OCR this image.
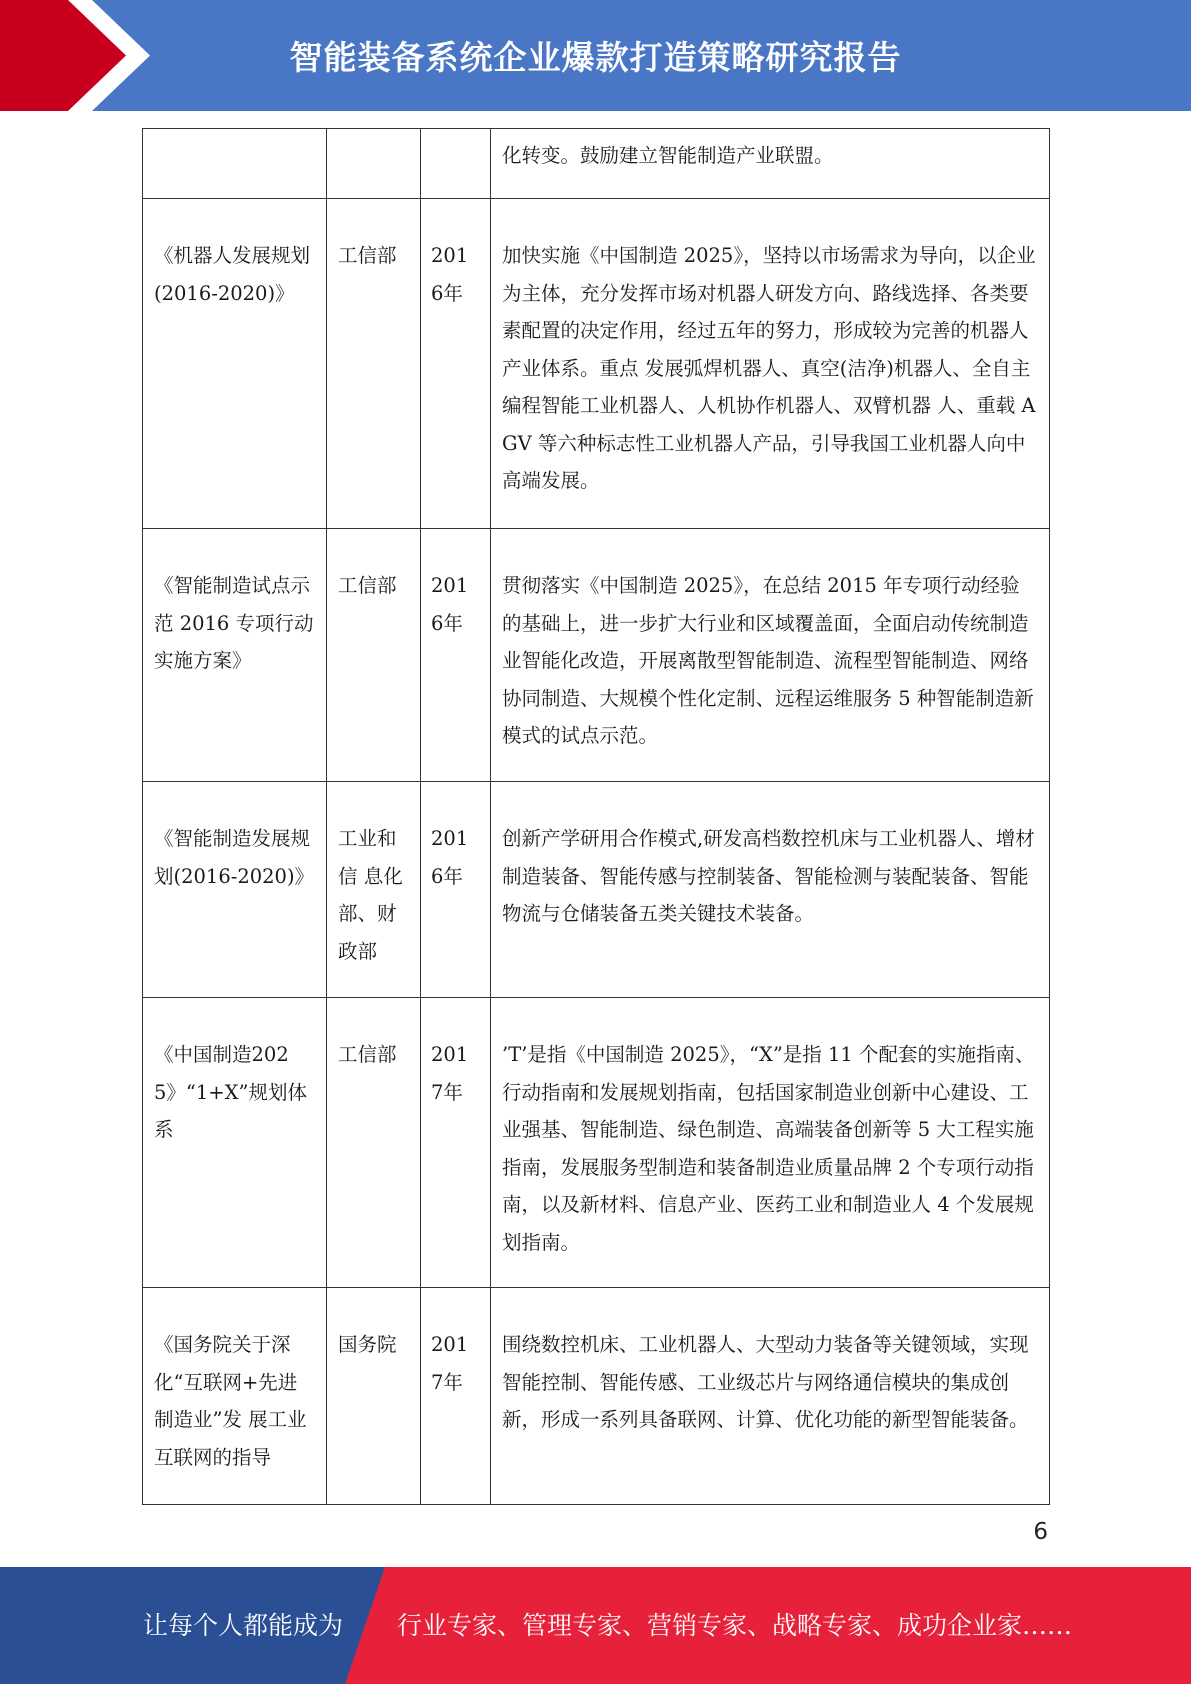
智能装备系统企业爆款打造策略研究报告
			化转变。鼓励建立智能制造产业联盟。
《机器人发展规划(2016-2020)》	工信部	2016年	加快实施《中国制造 2025》，坚持以市场需求为导向，以企业为主体，充分发挥市场对机器人研发方向、路线选择、各类要素配置的决定作用，经过五年的努力，形成较为完善的机器人产业体系。重点 发展弧焊机器人、真空(洁净)机器人、全自主编程智能工业机器人、人机协作机器人、双臂机器 人、重载 AGV 等六种标志性工业机器人产品，引导我国工业机器人向中高端发展。
《智能制造试点示范 2016 专项行动实施方案》	工信部	2016年	贯彻落实《中国制造 2025》，在总结 2015 年专项行动经验的基础上，进一步扩大行业和区域覆盖面，全面启动传统制造业智能化改造，开展离散型智能制造、流程型智能制造、网络协同制造、大规模个性化定制、远程运维服务 5 种智能制造新模式的试点示范。
《智能制造发展规划(2016-2020)》	工业和信 息化部、财政部	2016年	创新产学研用合作模式,研发高档数控机床与工业机器人、增材制造装备、智能传感与控制装备、智能检测与装配装备、智能物流与仓储装备五类关键技术装备。
《中国制造2025》“1+X”规划体系	工信部	2017年	’T’是指《中国制造 2025》，“X”是指 11 个配套的实施指南、行动指南和发展规划指南，包括国家制造业创新中心建设、工业强基、智能制造、绿色制造、高端装备创新等 5 大工程实施指南，发展服务型制造和装备制造业质量品牌 2 个专项行动指南，以及新材料、信息产业、医药工业和制造业人 4 个发展规划指南。
《国务院关于深化“互联网+先进制造业”发 展工业互联网的指导	国务院	2017年	围绕数控机床、工业机器人、大型动力装备等关键领域，实现智能控制、智能传感、工业级芯片与网络通信模块的集成创新，形成一系列具备联网、计算、优化功能的新型智能装备。
6
让每个人都能成为 行业专家、管理专家、营销专家、战略专家、成功企业家……
